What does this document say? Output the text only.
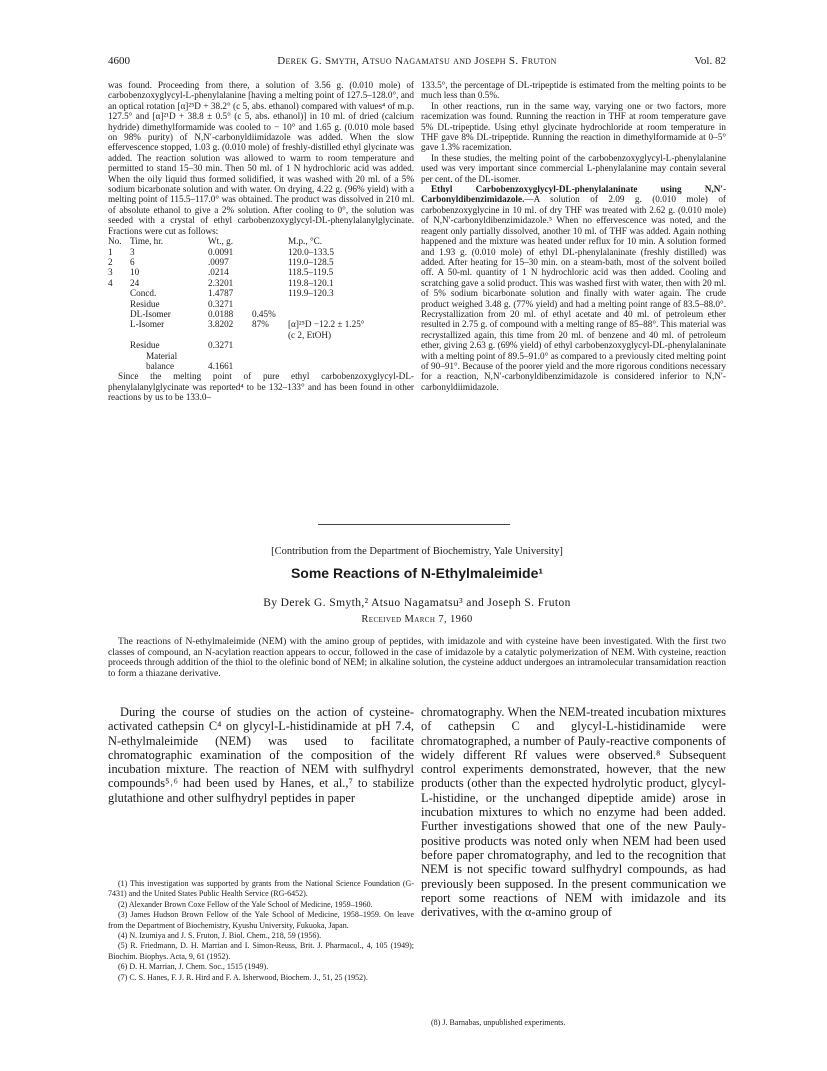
4600	Derek G. Smyth, Atsuo Nagamatsu and Joseph S. Fruton	Vol. 82

was found. Proceeding from there, a solution of 3.56 g. (0.010 mole) of carbobenzoxyglycyl-L-phenylalanine [having a melting point of 127.5–128.0°, and an optical rotation [α]²⁵D + 38.2° (c 5, abs. ethanol) compared with values⁴ of m.p. 127.5° and [α]²¹D + 38.8 ± 0.5° (c 5, abs. ethanol)] in 10 ml. of dried (calcium hydride) dimethylformamide was cooled to − 10° and 1.65 g. (0.010 mole based on 98% purity) of N,N′-carbonyldiimidazole was added. When the slow effervescence stopped, 1.03 g. (0.010 mole) of freshly-distilled ethyl glycinate was added. The reaction solution was allowed to warm to room temperature and permitted to stand 15–30 min. Then 50 ml. of 1 N hydrochloric acid was added. When the oily liquid thus formed solidified, it was washed with 20 ml. of a 5% sodium bicarbonate solution and with water. On drying, 4.22 g. (96% yield) with a melting point of 115.5–117.0° was obtained. The product was dissolved in 210 ml. of absolute ethanol to give a 2% solution. After cooling to 0°, the solution was seeded with a crystal of ethyl carbobenzoxyglycyl-DL-phenylalanylglycinate. Fractions were cut as follows:

No.	Time, hr.	Wt., g.		M.p., °C.
1	3	0.0091		120.0–133.5
2	6	.0097		119.0–128.5
3	10	.0214		118.5–119.5
4	24	2.3201		119.8–120.1
	Concd.	1.4787		119.9–120.3
	Residue	0.3271		
	DL-Isomer	0.0188	0.45%	
	L-Isomer	3.8202	87%	[α]²⁵D −12.2 ± 1.25°
				(c 2, EtOH)
	Residue	0.3271		
	Material			
	balance	4.1661		

Since the melting point of pure ethyl carbobenzoxyglycyl-DL-phenylalanylglycinate was reported⁴ to be 132–133° and has been found in other reactions by us to be 133.0–

133.5°, the percentage of DL-tripeptide is estimated from the melting points to be much less than 0.5%.

In other reactions, run in the same way, varying one or two factors, more racemization was found. Running the reaction in THF at room temperature gave 5% DL-tripeptide. Using ethyl glycinate hydrochloride at room temperature in THF gave 8% DL-tripeptide. Running the reaction in dimethylformamide at 0–5° gave 1.3% racemization.

In these studies, the melting point of the carbobenzoxyglycyl-L-phenylalanine used was very important since commercial L-phenylalanine may contain several per cent. of the DL-isomer.

Ethyl Carbobenzoxyglycyl-DL-phenylalaninate using N,N′-Carbonyldibenzimidazole.—A solution of 2.09 g. (0.010 mole) of carbobenzoxyglycine in 10 ml. of dry THF was treated with 2.62 g. (0.010 mole) of N,N′-carbonyldibenzimidazole.⁵ When no effervescence was noted, and the reagent only partially dissolved, another 10 ml. of THF was added. Again nothing happened and the mixture was heated under reflux for 10 min. A solution formed and 1.93 g. (0.010 mole) of ethyl DL-phenylalaninate (freshly distilled) was added. After heating for 15–30 min. on a steam-bath, most of the solvent boiled off. A 50-ml. quantity of 1 N hydrochloric acid was then added. Cooling and scratching gave a solid product. This was washed first with water, then with 20 ml. of 5% sodium bicarbonate solution and finally with water again. The crude product weighed 3.48 g. (77% yield) and had a melting point range of 83.5–88.0°. Recrystallization from 20 ml. of ethyl acetate and 40 ml. of petroleum ether resulted in 2.75 g. of compound with a melting range of 85–88°. This material was recrystallized again, this time from 20 ml. of benzene and 40 ml. of petroleum ether, giving 2.63 g. (69% yield) of ethyl carbobenzoxyglycyl-DL-phenylalaninate with a melting point of 89.5–91.0° as compared to a previously cited melting point of 90–91°. Because of the poorer yield and the more rigorous conditions necessary for a reaction, N,N′-carbonyldibenzimidazole is considered inferior to N,N′-carbonyldiimidazole.

[Contribution from the Department of Biochemistry, Yale University]
Some Reactions of N-Ethylmaleimide¹
By Derek G. Smyth,² Atsuo Nagamatsu³ and Joseph S. Fruton
Received March 7, 1960

The reactions of N-ethylmaleimide (NEM) with the amino group of peptides, with imidazole and with cysteine have been investigated. With the first two classes of compound, an N-acylation reaction appears to occur, followed in the case of imidazole by a catalytic polymerization of NEM. With cysteine, reaction proceeds through addition of the thiol to the olefinic bond of NEM; in alkaline solution, the cysteine adduct undergoes an intramolecular transamidation reaction to form a thiazane derivative.

During the course of studies on the action of cysteine-activated cathepsin C⁴ on glycyl-L-histidinamide at pH 7.4, N-ethylmaleimide (NEM) was used to facilitate chromatographic examination of the composition of the incubation mixture. The reaction of NEM with sulfhydryl compounds⁵˒⁶ had been used by Hanes, et al.,⁷ to stabilize glutathione and other sulfhydryl peptides in paper

chromatography. When the NEM-treated incubation mixtures of cathepsin C and glycyl-L-histidinamide were chromatographed, a number of Pauly-reactive components of widely different Rf values were observed.⁸ Subsequent control experiments demonstrated, however, that the new products (other than the expected hydrolytic product, glycyl-L-histidine, or the unchanged dipeptide amide) arose in incubation mixtures to which no enzyme had been added. Further investigations showed that one of the new Pauly-positive products was noted only when NEM had been used before paper chromatography, and led to the recognition that NEM is not specific toward sulfhydryl compounds, as had previously been supposed. In the present communication we report some reactions of NEM with imidazole and its derivatives, with the α-amino group of

(1) This investigation was supported by grants from the National Science Foundation (G-7431) and the United States Public Health Service (RG-6452).
(2) Alexander Brown Coxe Fellow of the Yale School of Medicine, 1959–1960.
(3) James Hudson Brown Fellow of the Yale School of Medicine, 1958–1959. On leave from the Department of Biochemistry, Kyushu University, Fukuoka, Japan.
(4) N. Izumiya and J. S. Fruton, J. Biol. Chem., 218, 59 (1956).
(5) R. Friedmann, D. H. Marrian and I. Simon-Reuss, Brit. J. Pharmacol., 4, 105 (1949); Biochim. Biophys. Acta, 9, 61 (1952).
(6) D. H. Marrian, J. Chem. Soc., 1515 (1949).
(7) C. S. Hanes, F. J. R. Hird and F. A. Isherwood, Biochem. J., 51, 25 (1952).
(8) J. Barnabas, unpublished experiments.
